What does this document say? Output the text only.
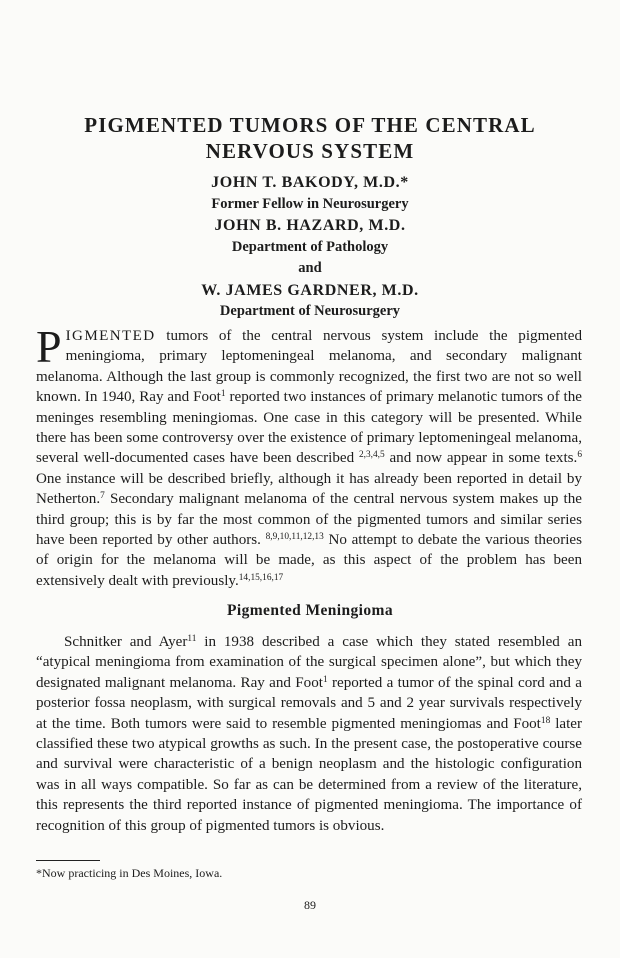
PIGMENTED TUMORS OF THE CENTRAL NERVOUS SYSTEM
JOHN T. BAKODY, M.D.*
Former Fellow in Neurosurgery
JOHN B. HAZARD, M.D.
Department of Pathology
and
W. JAMES GARDNER, M.D.
Department of Neurosurgery

PIGMENTED tumors of the central nervous system include the pigmented meningioma, primary leptomeningeal melanoma, and secondary malignant melanoma. Although the last group is commonly recognized, the first two are not so well known. In 1940, Ray and Foot$^1$ reported two instances of primary melanotic tumors of the meninges resembling meningiomas. One case in this category will be presented. While there has been some controversy over the existence of primary leptomeningeal melanoma, several well-documented cases have been described $^{2,3,4,5}$ and now appear in some texts.$^6$ One instance will be described briefly, although it has already been reported in detail by Netherton.$^7$ Secondary malignant melanoma of the central nervous system makes up the third group; this is by far the most common of the pigmented tumors and similar series have been reported by other authors. $^{8,9,10,11,12,13}$ No attempt to debate the various theories of origin for the melanoma will be made, as this aspect of the problem has been extensively dealt with previously.$^{14,15,16,17}$

Pigmented Meningioma

Schnitker and Ayer$^{11}$ in 1938 described a case which they stated resembled an “atypical meningioma from examination of the surgical specimen alone”, but which they designated malignant melanoma. Ray and Foot$^1$ reported a tumor of the spinal cord and a posterior fossa neoplasm, with surgical removals and 5 and 2 year survivals respectively at the time. Both tumors were said to resemble pigmented meningiomas and Foot$^{18}$ later classified these two atypical growths as such. In the present case, the postoperative course and survival were characteristic of a benign neoplasm and the histologic configuration was in all ways compatible. So far as can be determined from a review of the literature, this represents the third reported instance of pigmented meningioma. The importance of recognition of this group of pigmented tumors is obvious.

*Now practicing in Des Moines, Iowa.

89
